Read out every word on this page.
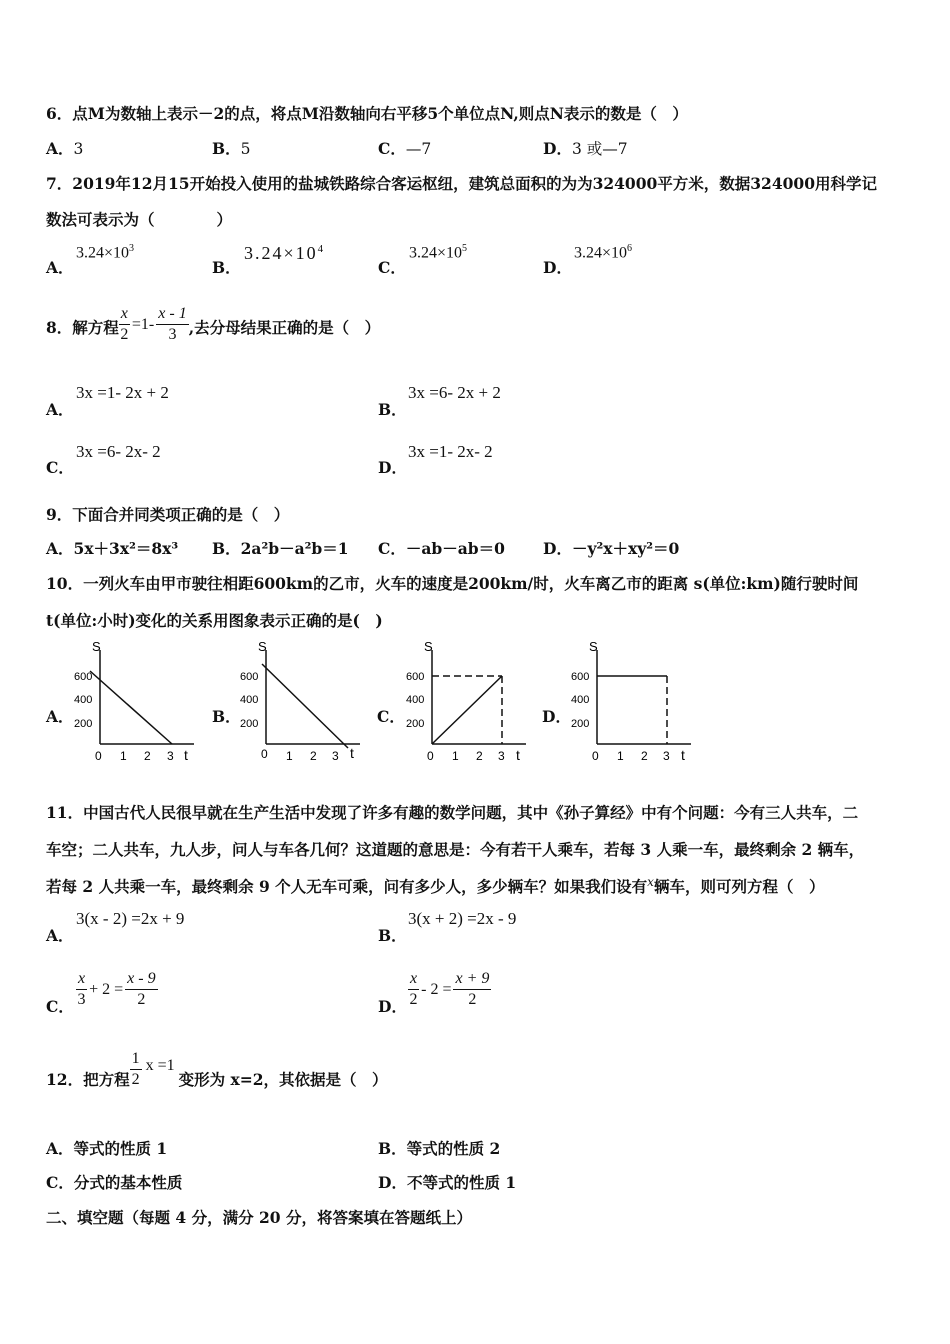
6．点M为数轴上表示－2的点，将点M沿数轴向右平移5个单位点N,则点N表示的数是（　）
A．3	B．5	C．—7	D．3 或—7
7．2019年12月15开始投入使用的盐城铁路综合客运枢纽，建筑总面积的为为324000平方米，数据324000用科学记
数法可表示为（　　　　）
A．
$3.24\times 10^3$
B．
$3.24\times 10^4$
C．
$3.24\times 10^5$
D．
$3.24\times 10^6$
8．解方程 $\frac{x}{2} =1- \frac{x - 1}{3}$ ,去分母结果正确的是（　）
A．
3x =1- 2x + 2
B．
3x =6- 2x + 2
C．
3x =6- 2x- 2
D．
3x =1- 2x- 2
9．下面合并同类项正确的是（　）
A．5x＋3x²＝8x³ B．2a²b－a²b＝1 C．－ab－ab＝0 D．－y²x＋xy²＝0
10．一列火车由甲市驶往相距600km的乙市，火车的速度是200km/时，火车离乙市的距离 s(单位:km)随行驶时间
t(单位:小时)变化的关系用图象表示正确的是(　)
A．	B．	C．	D．
S
t
600
400
200
0 1 2 3
S
t
600
400
200
0 1 2 3
S
t
600
400
200
0 1 2 3
S
t
600
400
200
0 1 2 3
11．中国古代人民很早就在生产生活中发现了许多有趣的数学问题，其中《孙子算经》中有个问题：今有三人共车，二
车空；二人共车，九人步，问人与车各几何？这道题的意思是：今有若干人乘车，若每 3 人乘一车，最终剩余 2 辆车，
若每 2 人共乘一车，最终剩余 9 个人无车可乘，问有多少人，多少辆车？如果我们设有$^x$辆车，则可列方程（　）
A．
3(x - 2) =2x + 9
B．
3(x + 2) =2x - 9
C． $\frac{x}{3} + 2 = \frac{x - 9}{2}$	D． $\frac{x}{2} - 2 = \frac{x + 9}{2}$
12．把方程 $\frac{1}{2}$ x =1
变形为 x=2，其依据是（　）
A．等式的性质 1	B．等式的性质 2
C．分式的基本性质	D．不等式的性质 1
二、填空题（每题 4 分，满分 20 分，将答案填在答题纸上）
